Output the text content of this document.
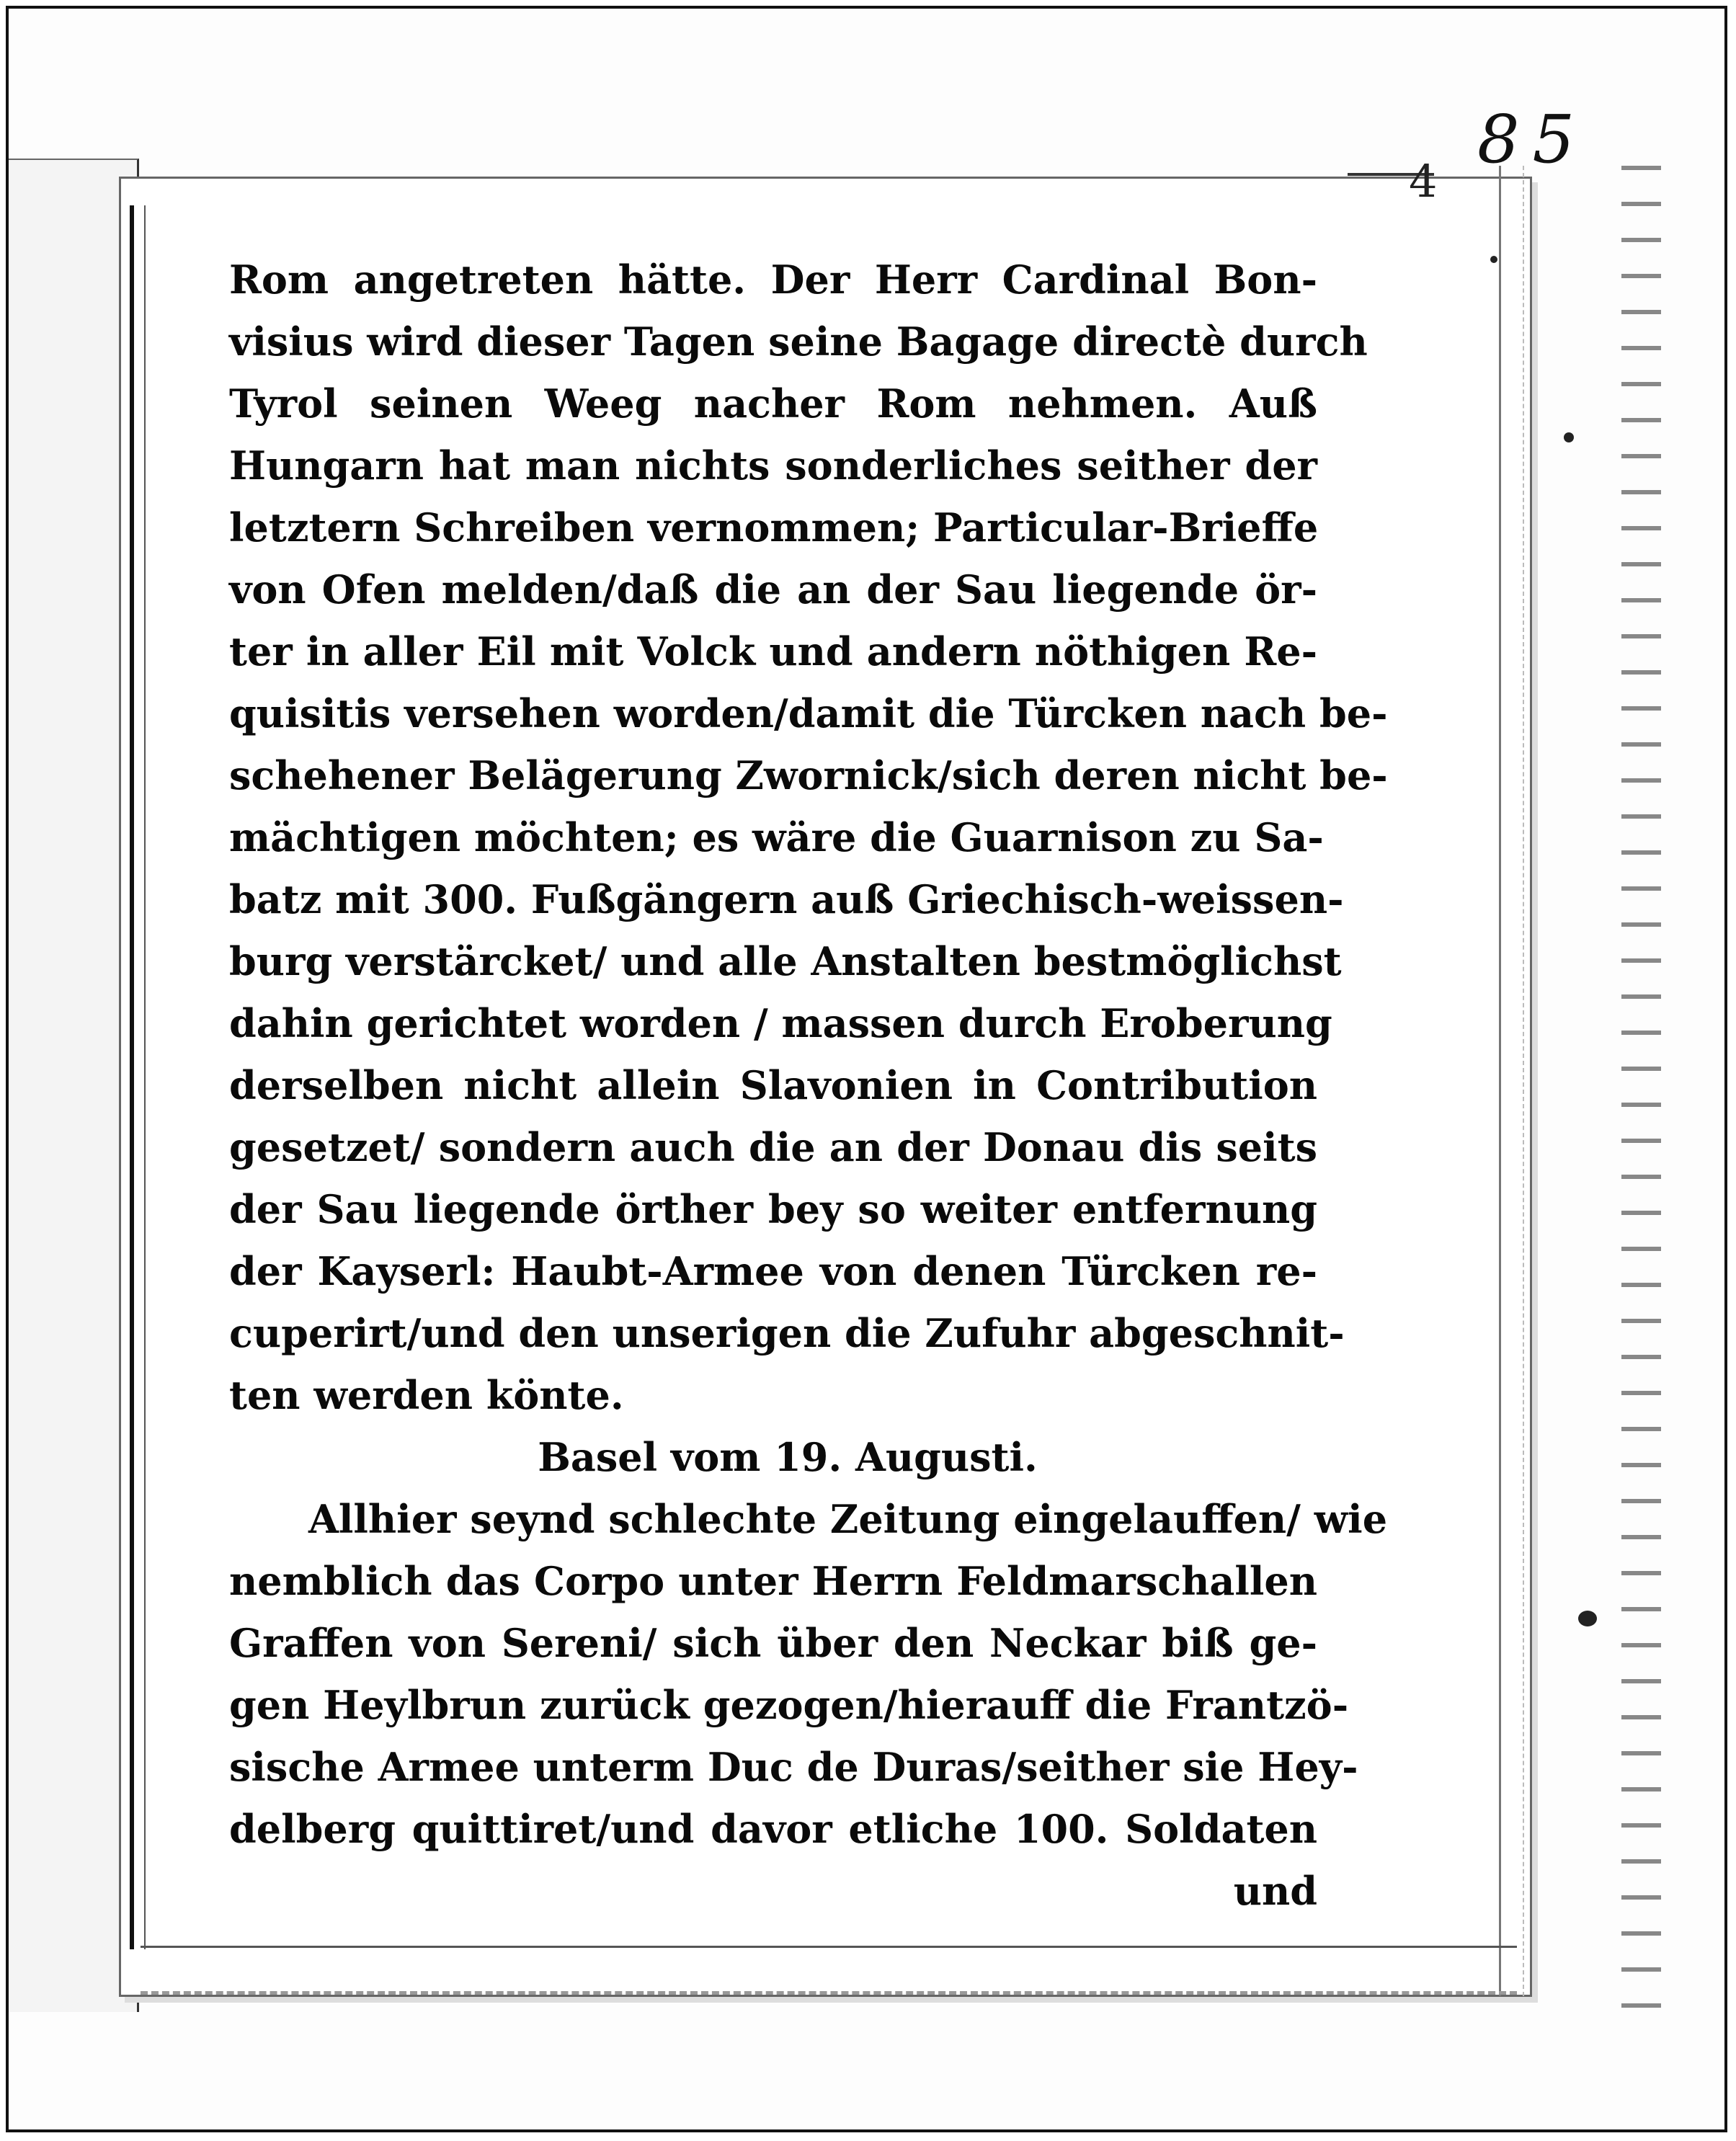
4
85
Rom angetreten hätte. Der Herr Cardinal Bon-
visius wird dieser Tagen seine Bagage directè durch
Tyrol seinen Weeg nacher Rom nehmen. Auß
Hungarn hat man nichts sonderliches seither der
letztern Schreiben vernommen; Particular-Brieffe
von Ofen melden/daß die an der Sau liegende ör-
ter in aller Eil mit Volck und andern nöthigen Re-
quisitis versehen worden/damit die Türcken nach be-
schehener Belägerung Zwornick/sich deren nicht be-
mächtigen möchten; es wäre die Guarnison zu Sa-
batz mit 300. Fußgängern auß Griechisch-weissen-
burg verstärcket/ und alle Anstalten bestmöglichst
dahin gerichtet worden / massen durch Eroberung
derselben nicht allein Slavonien in Contribution
gesetzet/ sondern auch die an der Donau dis seits
der Sau liegende örther bey so weiter entfernung
der Kayserl: Haubt-Armee von denen Türcken re-
cuperirt/und den unserigen die Zufuhr abgeschnit-
ten werden könte.
Basel vom 19. Augusti.
Allhier seynd schlechte Zeitung eingelauffen/ wie
nemblich das Corpo unter Herrn Feldmarschallen
Graffen von Sereni/ sich über den Neckar biß ge-
gen Heylbrun zurück gezogen/hierauff die Frantzö-
sische Armee unterm Duc de Duras/seither sie Hey-
delberg quittiret/und davor etliche 100. Soldaten
und
